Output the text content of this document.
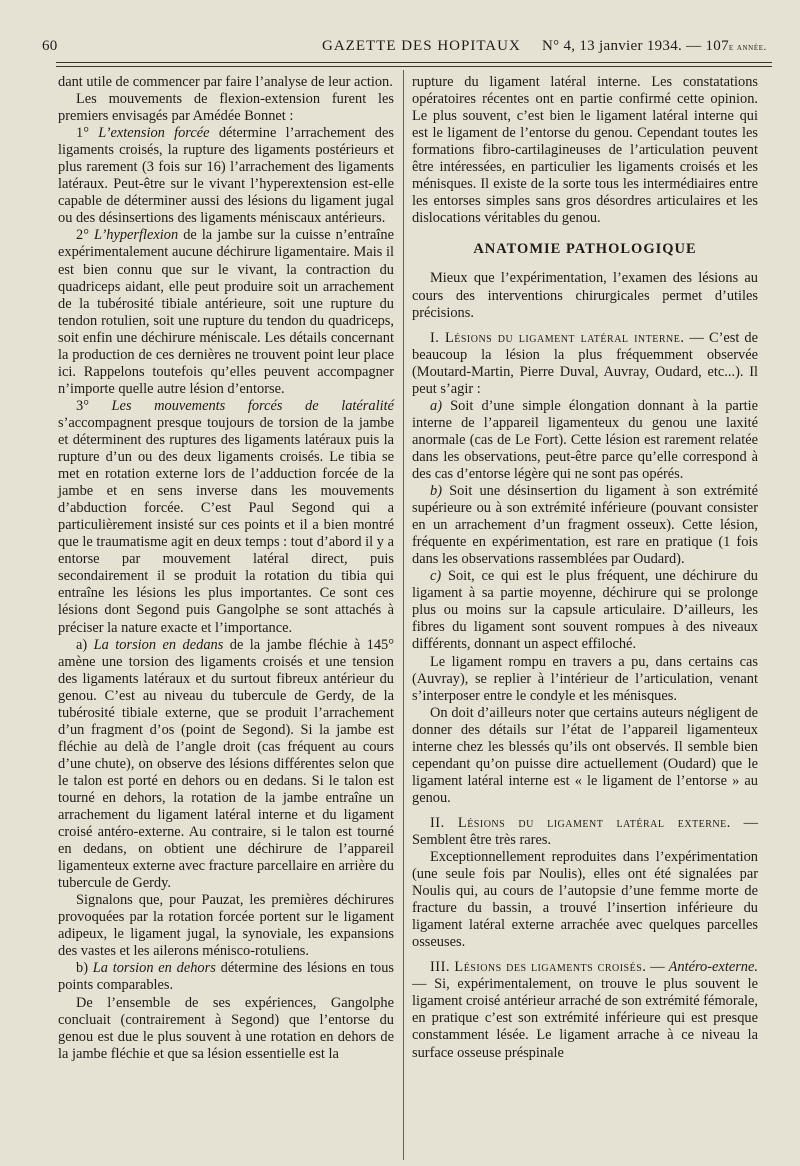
60	GAZETTE DES HOPITAUX N° 4, 13 janvier 1934. — 107e année.

dant utile de commencer par faire l’analyse de leur action.

Les mouvements de flexion-extension furent les premiers envisagés par Amédée Bonnet :

1° L’extension forcée détermine l’arrachement des ligaments croisés, la rupture des ligaments postérieurs et plus rarement (3 fois sur 16) l’arrachement des ligaments latéraux. Peut-être sur le vivant l’hyperextension est-elle capable de déterminer aussi des lésions du ligament jugal ou des désinsertions des ligaments méniscaux antérieurs.

2° L’hyperflexion de la jambe sur la cuisse n’entraîne expérimentalement aucune déchirure ligamentaire. Mais il est bien connu que sur le vivant, la contraction du quadriceps aidant, elle peut produire soit un arrachement de la tubérosité tibiale antérieure, soit une rupture du tendon rotulien, soit une rupture du tendon du quadriceps, soit enfin une déchirure méniscale. Les détails concernant la production de ces dernières ne trouvent point leur place ici. Rappelons toutefois qu’elles peuvent accompagner n’importe quelle autre lésion d’entorse.

3° Les mouvements forcés de latéralité s’accompagnent presque toujours de torsion de la jambe et déterminent des ruptures des ligaments latéraux puis la rupture d’un ou des deux ligaments croisés. Le tibia se met en rotation externe lors de l’adduction forcée de la jambe et en sens inverse dans les mouvements d’abduction forcée. C’est Paul Segond qui a particulièrement insisté sur ces points et il a bien montré que le traumatisme agit en deux temps : tout d’abord il y a entorse par mouvement latéral direct, puis secondairement il se produit la rotation du tibia qui entraîne les lésions les plus importantes. Ce sont ces lésions dont Segond puis Gangolphe se sont attachés à préciser la nature exacte et l’importance.

a) La torsion en dedans de la jambe fléchie à 145° amène une torsion des ligaments croisés et une tension des ligaments latéraux et du surtout fibreux antérieur du genou. C’est au niveau du tubercule de Gerdy, de la tubérosité tibiale externe, que se produit l’arrachement d’un fragment d’os (point de Segond). Si la jambe est fléchie au delà de l’angle droit (cas fréquent au cours d’une chute), on observe des lésions différentes selon que le talon est porté en dehors ou en dedans. Si le talon est tourné en dehors, la rotation de la jambe entraîne un arrachement du ligament latéral interne et du ligament croisé antéro-externe. Au contraire, si le talon est tourné en dedans, on obtient une déchirure de l’appareil ligamenteux externe avec fracture parcellaire en arrière du tubercule de Gerdy.

Signalons que, pour Pauzat, les premières déchirures provoquées par la rotation forcée portent sur le ligament adipeux, le ligament jugal, la synoviale, les expansions des vastes et les ailerons ménisco-rotuliens.

b) La torsion en dehors détermine des lésions en tous points comparables.

De l’ensemble de ses expériences, Gangolphe concluait (contrairement à Segond) que l’entorse du genou est due le plus souvent à une rotation en dehors de la jambe fléchie et que sa lésion essentielle est la

rupture du ligament latéral interne. Les constatations opératoires récentes ont en partie confirmé cette opinion. Le plus souvent, c’est bien le ligament latéral interne qui est le ligament de l’entorse du genou. Cependant toutes les formations fibro-cartilagineuses de l’articulation peuvent être intéressées, en particulier les ligaments croisés et les ménisques. Il existe de la sorte tous les intermédiaires entre les entorses simples sans gros désordres articulaires et les dislocations véritables du genou.

ANATOMIE PATHOLOGIQUE

Mieux que l’expérimentation, l’examen des lésions au cours des interventions chirurgicales permet d’utiles précisions.

I. Lésions du ligament latéral interne. — C’est de beaucoup la lésion la plus fréquemment observée (Moutard-Martin, Pierre Duval, Auvray, Oudard, etc...). Il peut s’agir :

a) Soit d’une simple élongation donnant à la partie interne de l’appareil ligamenteux du genou une laxité anormale (cas de Le Fort). Cette lésion est rarement relatée dans les observations, peut-être parce qu’elle correspond à des cas d’entorse légère qui ne sont pas opérés.

b) Soit une désinsertion du ligament à son extrémité supérieure ou à son extrémité inférieure (pouvant consister en un arrachement d’un fragment osseux). Cette lésion, fréquente en expérimentation, est rare en pratique (1 fois dans les observations rassemblées par Oudard).

c) Soit, ce qui est le plus fréquent, une déchirure du ligament à sa partie moyenne, déchirure qui se prolonge plus ou moins sur la capsule articulaire. D’ailleurs, les fibres du ligament sont souvent rompues à des niveaux différents, donnant un aspect effiloché.

Le ligament rompu en travers a pu, dans certains cas (Auvray), se replier à l’intérieur de l’articulation, venant s’interposer entre le condyle et les ménisques.

On doit d’ailleurs noter que certains auteurs négligent de donner des détails sur l’état de l’appareil ligamenteux interne chez les blessés qu’ils ont observés. Il semble bien cependant qu’on puisse dire actuellement (Oudard) que le ligament latéral interne est « le ligament de l’entorse » au genou.

II. Lésions du ligament latéral externe. — Semblent être très rares.

Exceptionnellement reproduites dans l’expérimentation (une seule fois par Noulis), elles ont été signalées par Noulis qui, au cours de l’autopsie d’une femme morte de fracture du bassin, a trouvé l’insertion inférieure du ligament latéral externe arrachée avec quelques parcelles osseuses.

III. Lésions des ligaments croisés. — Antéro-externe. — Si, expérimentalement, on trouve le plus souvent le ligament croisé antérieur arraché de son extrémité fémorale, en pratique c’est son extrémité inférieure qui est presque constamment lésée. Le ligament arrache à ce niveau la surface osseuse préspinale
